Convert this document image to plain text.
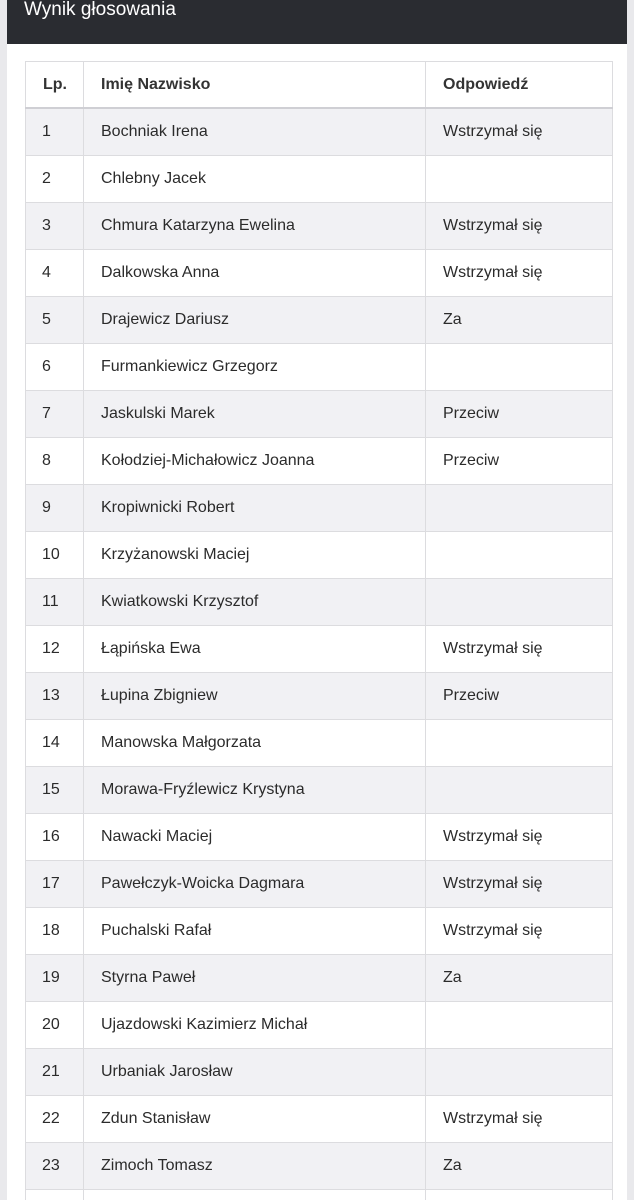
Wynik głosowania
Lp.	Imię Nazwisko	Odpowiedź
1	Bochniak Irena	Wstrzymał się
2	Chlebny Jacek	
3	Chmura Katarzyna Ewelina	Wstrzymał się
4	Dalkowska Anna	Wstrzymał się
5	Drajewicz Dariusz	Za
6	Furmankiewicz Grzegorz	
7	Jaskulski Marek	Przeciw
8	Kołodziej-Michałowicz Joanna	Przeciw
9	Kropiwnicki Robert	
10	Krzyżanowski Maciej	
11	Kwiatkowski Krzysztof	
12	Łąpińska Ewa	Wstrzymał się
13	Łupina Zbigniew	Przeciw
14	Manowska Małgorzata	
15	Morawa-Fryźlewicz Krystyna	
16	Nawacki Maciej	Wstrzymał się
17	Pawełczyk-Woicka Dagmara	Wstrzymał się
18	Puchalski Rafał	Wstrzymał się
19	Styrna Paweł	Za
20	Ujazdowski Kazimierz Michał	
21	Urbaniak Jarosław	
22	Zdun Stanisław	Wstrzymał się
23	Zimoch Tomasz	Za
